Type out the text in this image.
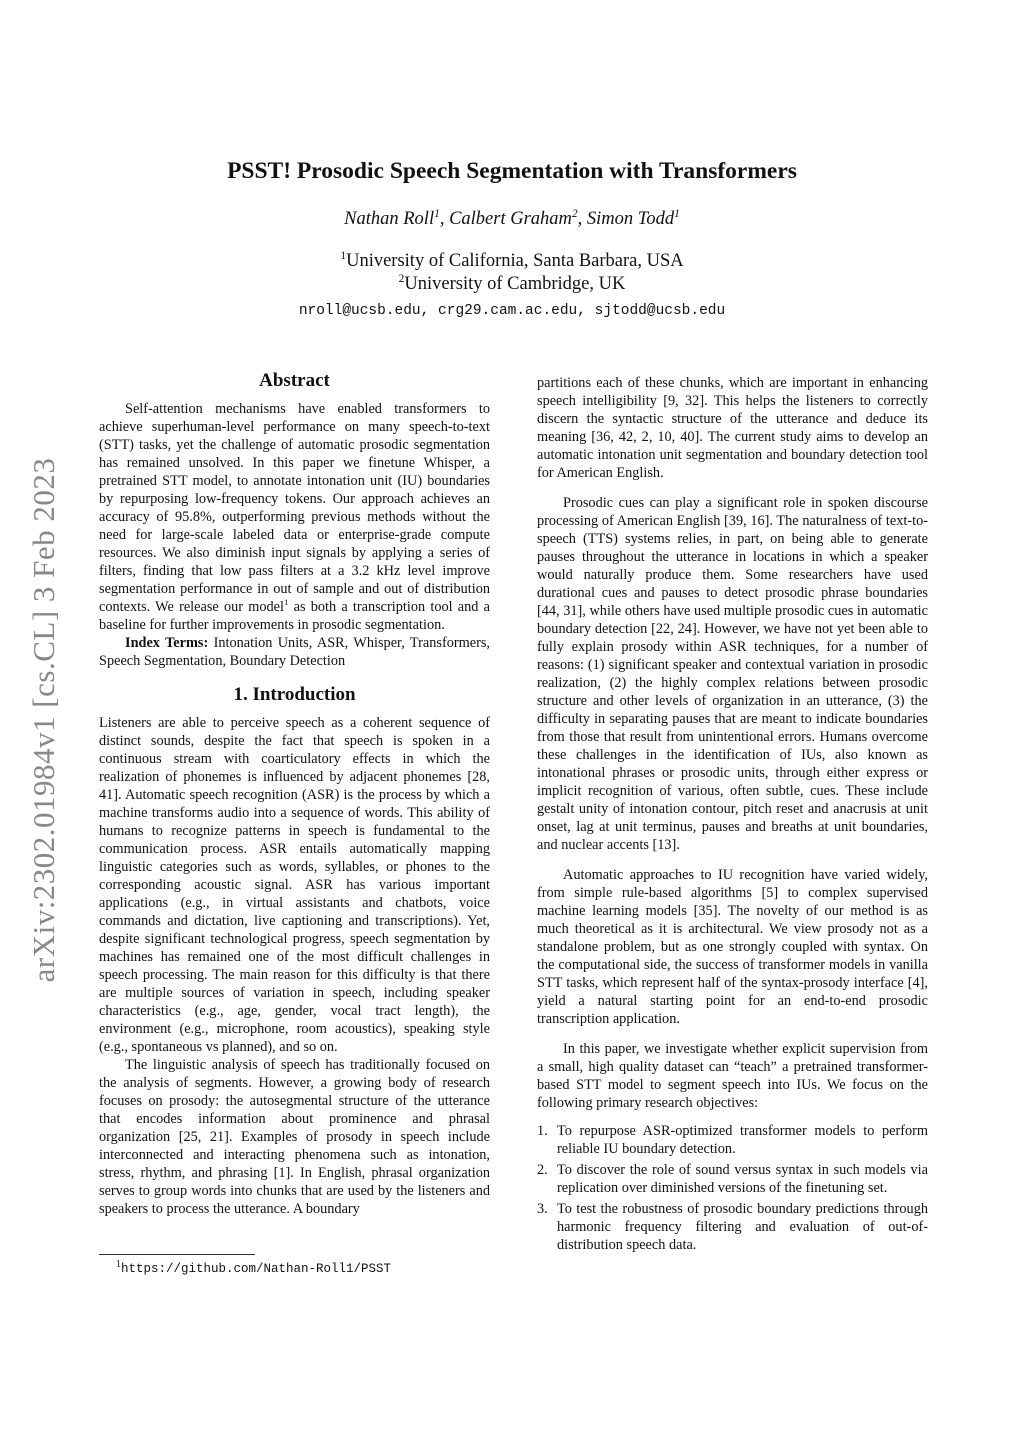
arXiv:2302.01984v1 [cs.CL] 3 Feb 2023
PSST! Prosodic Speech Segmentation with Transformers
Nathan Roll$^1$, Calbert Graham$^2$, Simon Todd$^1$
$^1$University of California, Santa Barbara, USA
$^2$University of Cambridge, UK
nroll@ucsb.edu, crg29.cam.ac.edu, sjtodd@ucsb.edu
Abstract

Self-attention mechanisms have enabled transformers to achieve superhuman-level performance on many speech-to-text (STT) tasks, yet the challenge of automatic prosodic segmentation has remained unsolved. In this paper we finetune Whisper, a pretrained STT model, to annotate intonation unit (IU) boundaries by repurposing low-frequency tokens. Our approach achieves an accuracy of 95.8%, outperforming previous methods without the need for large-scale labeled data or enterprise-grade compute resources. We also diminish input signals by applying a series of filters, finding that low pass filters at a 3.2 kHz level improve segmentation performance in out of sample and out of distribution contexts. We release our model$^1$ as both a transcription tool and a baseline for further improvements in prosodic segmentation.

Index Terms: Intonation Units, ASR, Whisper, Transformers, Speech Segmentation, Boundary Detection

1. Introduction

Listeners are able to perceive speech as a coherent sequence of distinct sounds, despite the fact that speech is spoken in a continuous stream with coarticulatory effects in which the realization of phonemes is influenced by adjacent phonemes [28, 41]. Automatic speech recognition (ASR) is the process by which a machine transforms audio into a sequence of words. This ability of humans to recognize patterns in speech is fundamental to the communication process. ASR entails automatically mapping linguistic categories such as words, syllables, or phones to the corresponding acoustic signal. ASR has various important applications (e.g., in virtual assistants and chatbots, voice commands and dictation, live captioning and transcriptions). Yet, despite significant technological progress, speech segmentation by machines has remained one of the most difficult challenges in speech processing. The main reason for this difficulty is that there are multiple sources of variation in speech, including speaker characteristics (e.g., age, gender, vocal tract length), the environment (e.g., microphone, room acoustics), speaking style (e.g., spontaneous vs planned), and so on.

The linguistic analysis of speech has traditionally focused on the analysis of segments. However, a growing body of research focuses on prosody: the autosegmental structure of the utterance that encodes information about prominence and phrasal organization [25, 21]. Examples of prosody in speech include interconnected and interacting phenomena such as intonation, stress, rhythm, and phrasing [1]. In English, phrasal organization serves to group words into chunks that are used by the listeners and speakers to process the utterance. A boundary

partitions each of these chunks, which are important in enhancing speech intelligibility [9, 32]. This helps the listeners to correctly discern the syntactic structure of the utterance and deduce its meaning [36, 42, 2, 10, 40]. The current study aims to develop an automatic intonation unit segmentation and boundary detection tool for American English.

Prosodic cues can play a significant role in spoken discourse processing of American English [39, 16]. The naturalness of text-to-speech (TTS) systems relies, in part, on being able to generate pauses throughout the utterance in locations in which a speaker would naturally produce them. Some researchers have used durational cues and pauses to detect prosodic phrase boundaries [44, 31], while others have used multiple prosodic cues in automatic boundary detection [22, 24]. However, we have not yet been able to fully explain prosody within ASR techniques, for a number of reasons: (1) significant speaker and contextual variation in prosodic realization, (2) the highly complex relations between prosodic structure and other levels of organization in an utterance, (3) the difficulty in separating pauses that are meant to indicate boundaries from those that result from unintentional errors. Humans overcome these challenges in the identification of IUs, also known as intonational phrases or prosodic units, through either express or implicit recognition of various, often subtle, cues. These include gestalt unity of intonation contour, pitch reset and anacrusis at unit onset, lag at unit terminus, pauses and breaths at unit boundaries, and nuclear accents [13].

Automatic approaches to IU recognition have varied widely, from simple rule-based algorithms [5] to complex supervised machine learning models [35]. The novelty of our method is as much theoretical as it is architectural. We view prosody not as a standalone problem, but as one strongly coupled with syntax. On the computational side, the success of transformer models in vanilla STT tasks, which represent half of the syntax-prosody interface [4], yield a natural starting point for an end-to-end prosodic transcription application.

In this paper, we investigate whether explicit supervision from a small, high quality dataset can “teach” a pretrained transformer-based STT model to segment speech into IUs. We focus on the following primary research objectives:

1. To repurpose ASR-optimized transformer models to perform reliable IU boundary detection.
2. To discover the role of sound versus syntax in such models via replication over diminished versions of the finetuning set.
3. To test the robustness of prosodic boundary predictions through harmonic frequency filtering and evaluation of out-of-distribution speech data.
$^1$https://github.com/Nathan-Roll1/PSST
